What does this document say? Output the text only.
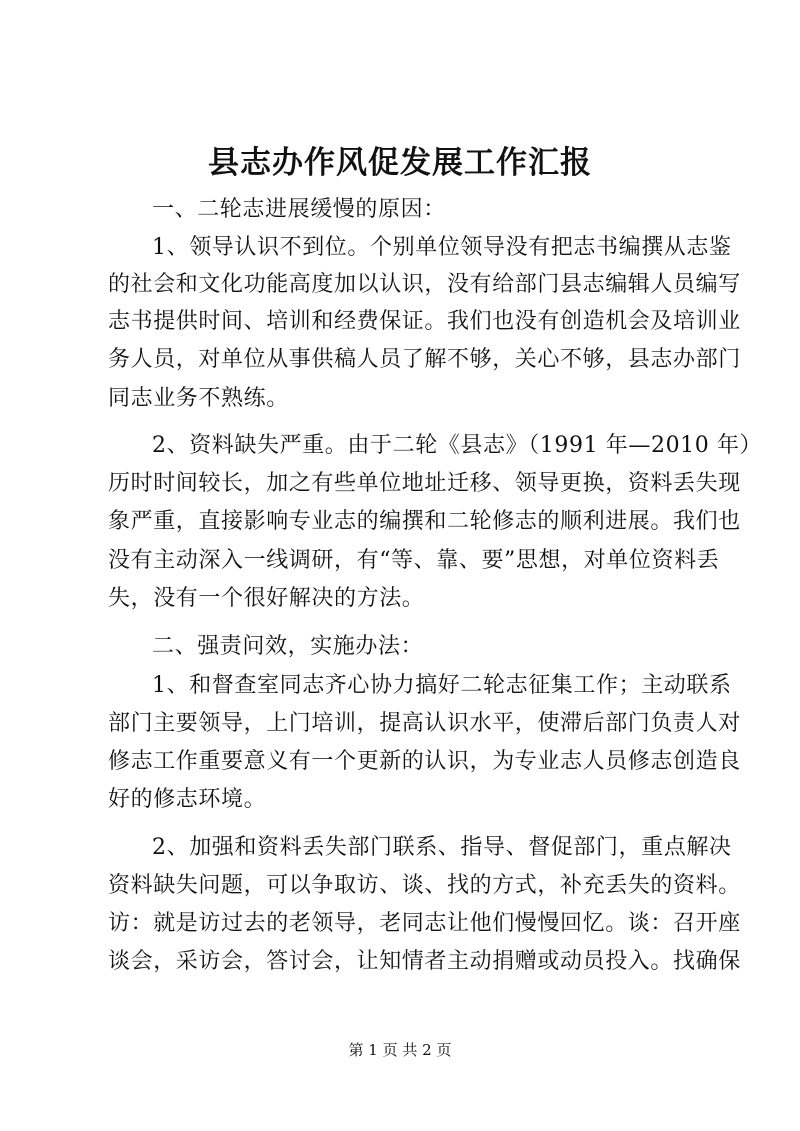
县志办作风促发展工作汇报
一、二轮志进展缓慢的原因：
1、领导认识不到位。个别单位领导没有把志书编撰从志鉴
的社会和文化功能高度加以认识，没有给部门县志编辑人员编写
志书提供时间、培训和经费保证。我们也没有创造机会及培训业
务人员，对单位从事供稿人员了解不够，关心不够，县志办部门
同志业务不熟练。
2、资料缺失严重。由于二轮《县志》（1991 年—2010 年）
历时时间较长，加之有些单位地址迁移、领导更换，资料丢失现
象严重，直接影响专业志的编撰和二轮修志的顺利进展。我们也
没有主动深入一线调研，有“等、靠、要”思想，对单位资料丢
失，没有一个很好解决的方法。
二、强责问效，实施办法：
1、和督查室同志齐心协力搞好二轮志征集工作；主动联系
部门主要领导，上门培训，提高认识水平，使滞后部门负责人对
修志工作重要意义有一个更新的认识，为专业志人员修志创造良
好的修志环境。
2、加强和资料丢失部门联系、指导、督促部门，重点解决
资料缺失问题，可以争取访、谈、找的方式，补充丢失的资料。
访：就是访过去的老领导，老同志让他们慢慢回忆。谈：召开座
谈会，采访会，答讨会，让知情者主动捐赠或动员投入。找确保
第 1 页 共 2 页
